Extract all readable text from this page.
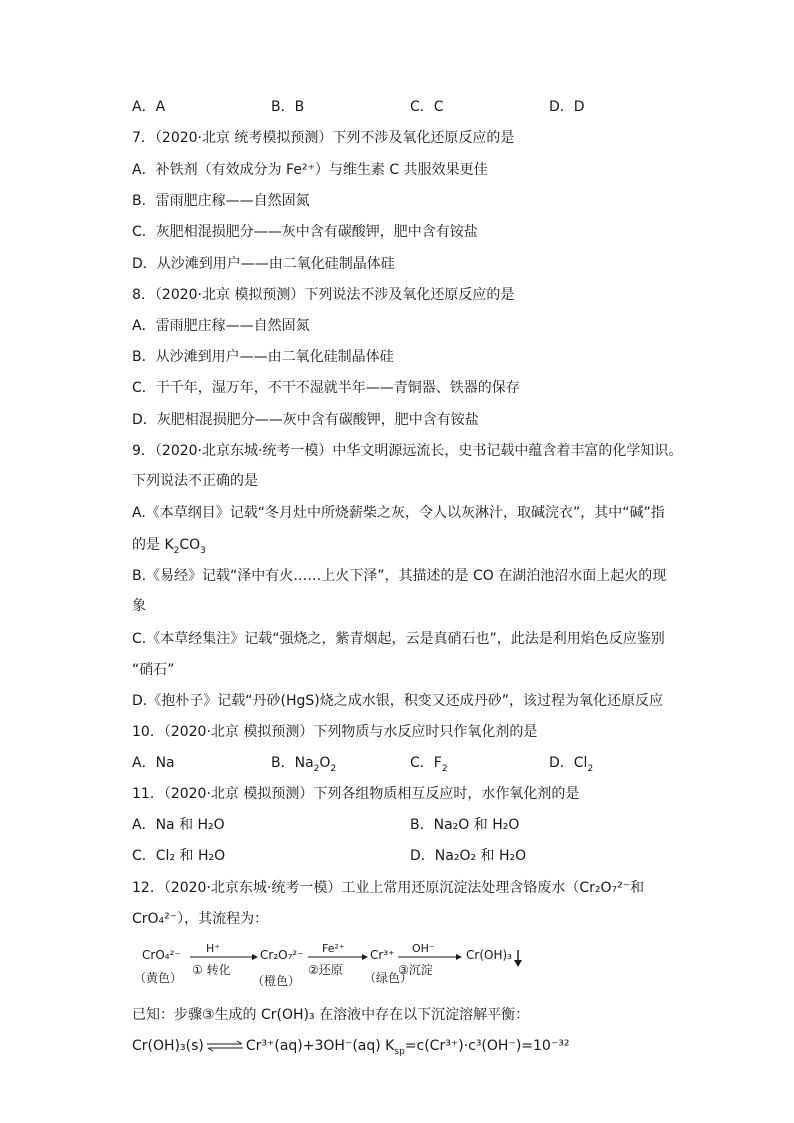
A．A	B．B	C．C	D．D
7．（2020·北京 统考模拟预测）下列不涉及氧化还原反应的是
A．补铁剂（有效成分为 Fe²⁺）与维生素 C 共服效果更佳
B．雷雨肥庄稼——自然固氮
C．灰肥相混损肥分——灰中含有碳酸钾，肥中含有铵盐
D．从沙滩到用户——由二氧化硅制晶体硅
8．（2020·北京 模拟预测）下列说法不涉及氧化还原反应的是
A．雷雨肥庄稼——自然固氮
B．从沙滩到用户——由二氧化硅制晶体硅
C．干千年，湿万年，不干不湿就半年——青铜器、铁器的保存
D．灰肥相混损肥分——灰中含有碳酸钾，肥中含有铵盐
9．（2020·北京东城·统考一模）中华文明源远流长，史书记载中蕴含着丰富的化学知识。
下列说法不正确的是
A.《本草纲目》记载“冬月灶中所烧薪柴之灰，令人以灰淋汁，取碱浣衣”，其中“碱”指
的是 $K_2CO_3$
B.《易经》记载“泽中有火……上火下泽”，其描述的是 CO 在湖泊池沼水面上起火的现
象
C.《本草经集注》记载“强烧之，紫青烟起，云是真硝石也”，此法是利用焰色反应鉴别
“硝石”
D.《抱朴子》记载“丹砂(HgS)烧之成水银，积变又还成丹砂”，该过程为氧化还原反应
10．（2020·北京 模拟预测）下列物质与水反应时只作氧化剂的是
A．Na	B．$Na_2O_2$	C．$F_2$	D．$Cl_2$
11．（2020·北京 模拟预测）下列各组物质相互反应时，水作氧化剂的是
A．Na 和 H₂O	B．Na₂O 和 H₂O
C．Cl₂ 和 H₂O	D．Na₂O₂ 和 H₂O
12．（2020·北京东城·统考一模）工业上常用还原沉淀法处理含铬废水（Cr₂O₇²⁻和
CrO₄²⁻），其流程为：
CrO₄²⁻
（黄色）
H⁺
① 转化
Cr₂O₇²⁻
（橙色）
Fe²⁺
②还原
Cr³⁺
（绿色）
OH⁻
③沉淀
Cr(OH)₃
已知：步骤③生成的 Cr(OH)₃ 在溶液中存在以下沉淀溶解平衡：
Cr(OH)₃(s)⇌Cr³⁺(aq)+3OH⁻(aq) $K_{sp}=c(Cr^{3+})\cdot c^3(OH^-)=10^{-32}$
